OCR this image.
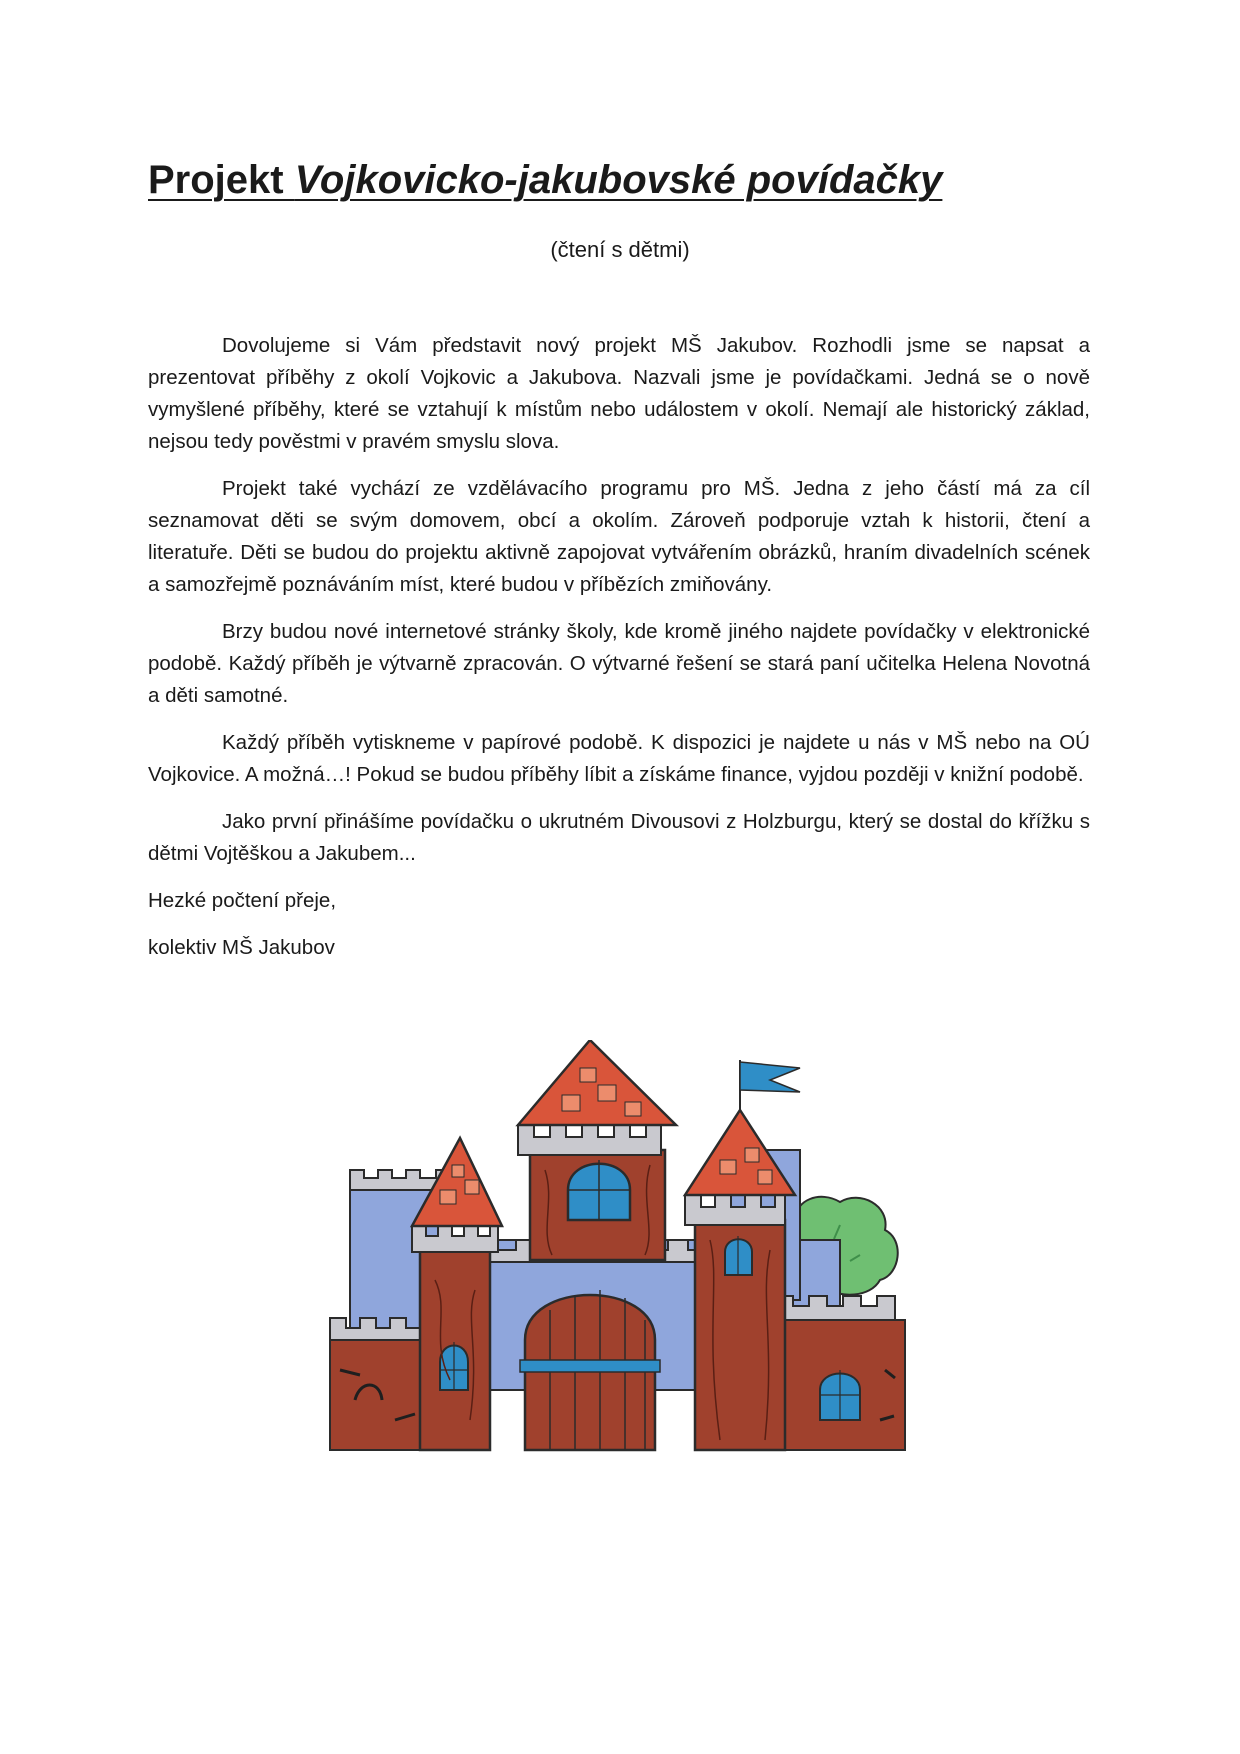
Projekt Vojkovicko-jakubovské povídačky
(čtení s dětmi)

Dovolujeme si Vám představit nový projekt MŠ Jakubov. Rozhodli jsme se napsat a prezentovat příběhy z okolí Vojkovic a Jakubova. Nazvali jsme je povídačkami. Jedná se o nově vymyšlené příběhy, které se vztahují k místům nebo událostem v okolí. Nemají ale historický základ, nejsou tedy pověstmi v pravém smyslu slova.

Projekt také vychází ze vzdělávacího programu pro MŠ. Jedna z jeho částí má za cíl seznamovat děti se svým domovem, obcí a okolím. Zároveň podporuje vztah k historii, čtení a literatuře. Děti se budou do projektu aktivně zapojovat vytvářením obrázků, hraním divadelních scének a samozřejmě poznáváním míst, které budou v příbězích zmiňovány.

Brzy budou nové internetové stránky školy, kde kromě jiného najdete povídačky v elektronické podobě. Každý příběh je výtvarně zpracován. O výtvarné řešení se stará paní učitelka Helena Novotná a děti samotné.

Každý příběh vytiskneme v papírové podobě. K dispozici je najdete u nás v MŠ nebo na OÚ Vojkovice. A možná…! Pokud se budou příběhy líbit a získáme finance, vyjdou později v knižní podobě.

Jako první přinášíme povídačku o ukrutném Divousovi z Holzburgu, který se dostal do křížku s dětmi Vojtěškou a Jakubem...

Hezké počtení přeje,

kolektiv MŠ Jakubov
